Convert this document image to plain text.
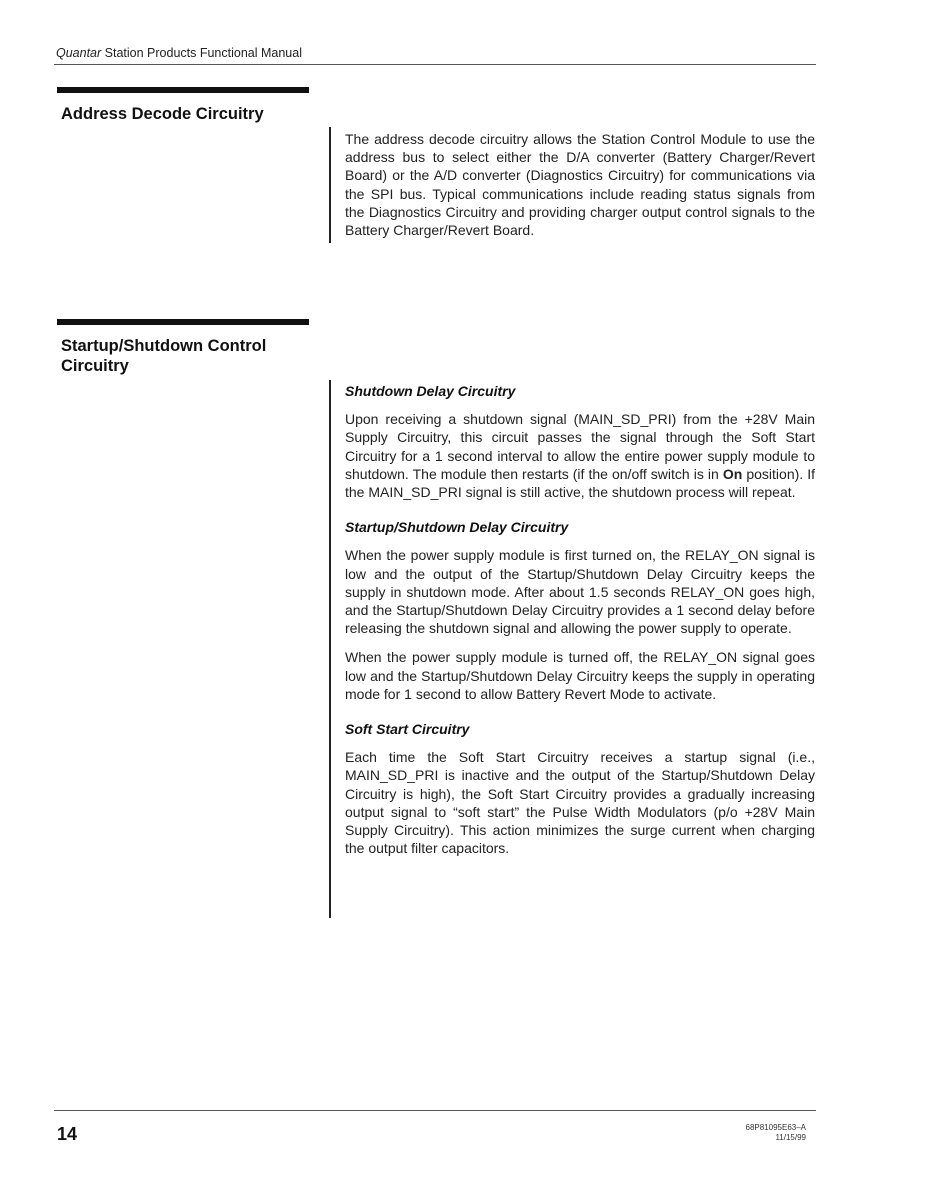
Quantar Station Products Functional Manual
Address Decode Circuitry

The address decode circuitry allows the Station Control Module to use the address bus to select either the D/A converter (Battery Charger/Revert Board) or the A/D converter (Diagnostics Circuitry) for communications via the SPI bus. Typical communications include reading status signals from the Diagnostics Circuitry and providing charger output control signals to the Battery Charger/Revert Board.

Startup/Shutdown Control Circuitry
Shutdown Delay Circuitry

Upon receiving a shutdown signal (MAIN_SD_PRI) from the +28V Main Supply Circuitry, this circuit passes the signal through the Soft Start Circuitry for a 1 second interval to allow the entire power supply module to shutdown. The module then restarts (if the on/off switch is in On position). If the MAIN_SD_PRI signal is still active, the shutdown process will repeat.

Startup/Shutdown Delay Circuitry

When the power supply module is first turned on, the RELAY_ON signal is low and the output of the Startup/Shutdown Delay Circuitry keeps the supply in shutdown mode. After about 1.5 seconds RELAY_ON goes high, and the Startup/Shutdown Delay Circuitry provides a 1 second delay before releasing the shutdown signal and allowing the power supply to operate.

When the power supply module is turned off, the RELAY_ON signal goes low and the Startup/Shutdown Delay Circuitry keeps the supply in operating mode for 1 second to allow Battery Revert Mode to activate.

Soft Start Circuitry

Each time the Soft Start Circuitry receives a startup signal (i.e., MAIN_SD_PRI is inactive and the output of the Startup/Shutdown Delay Circuitry is high), the Soft Start Circuitry provides a gradually increasing output signal to “soft start” the Pulse Width Modulators (p/o +28V Main Supply Circuitry). This action minimizes the surge current when charging the output filter capacitors.

14	68P81095E63–A
11/15/99
